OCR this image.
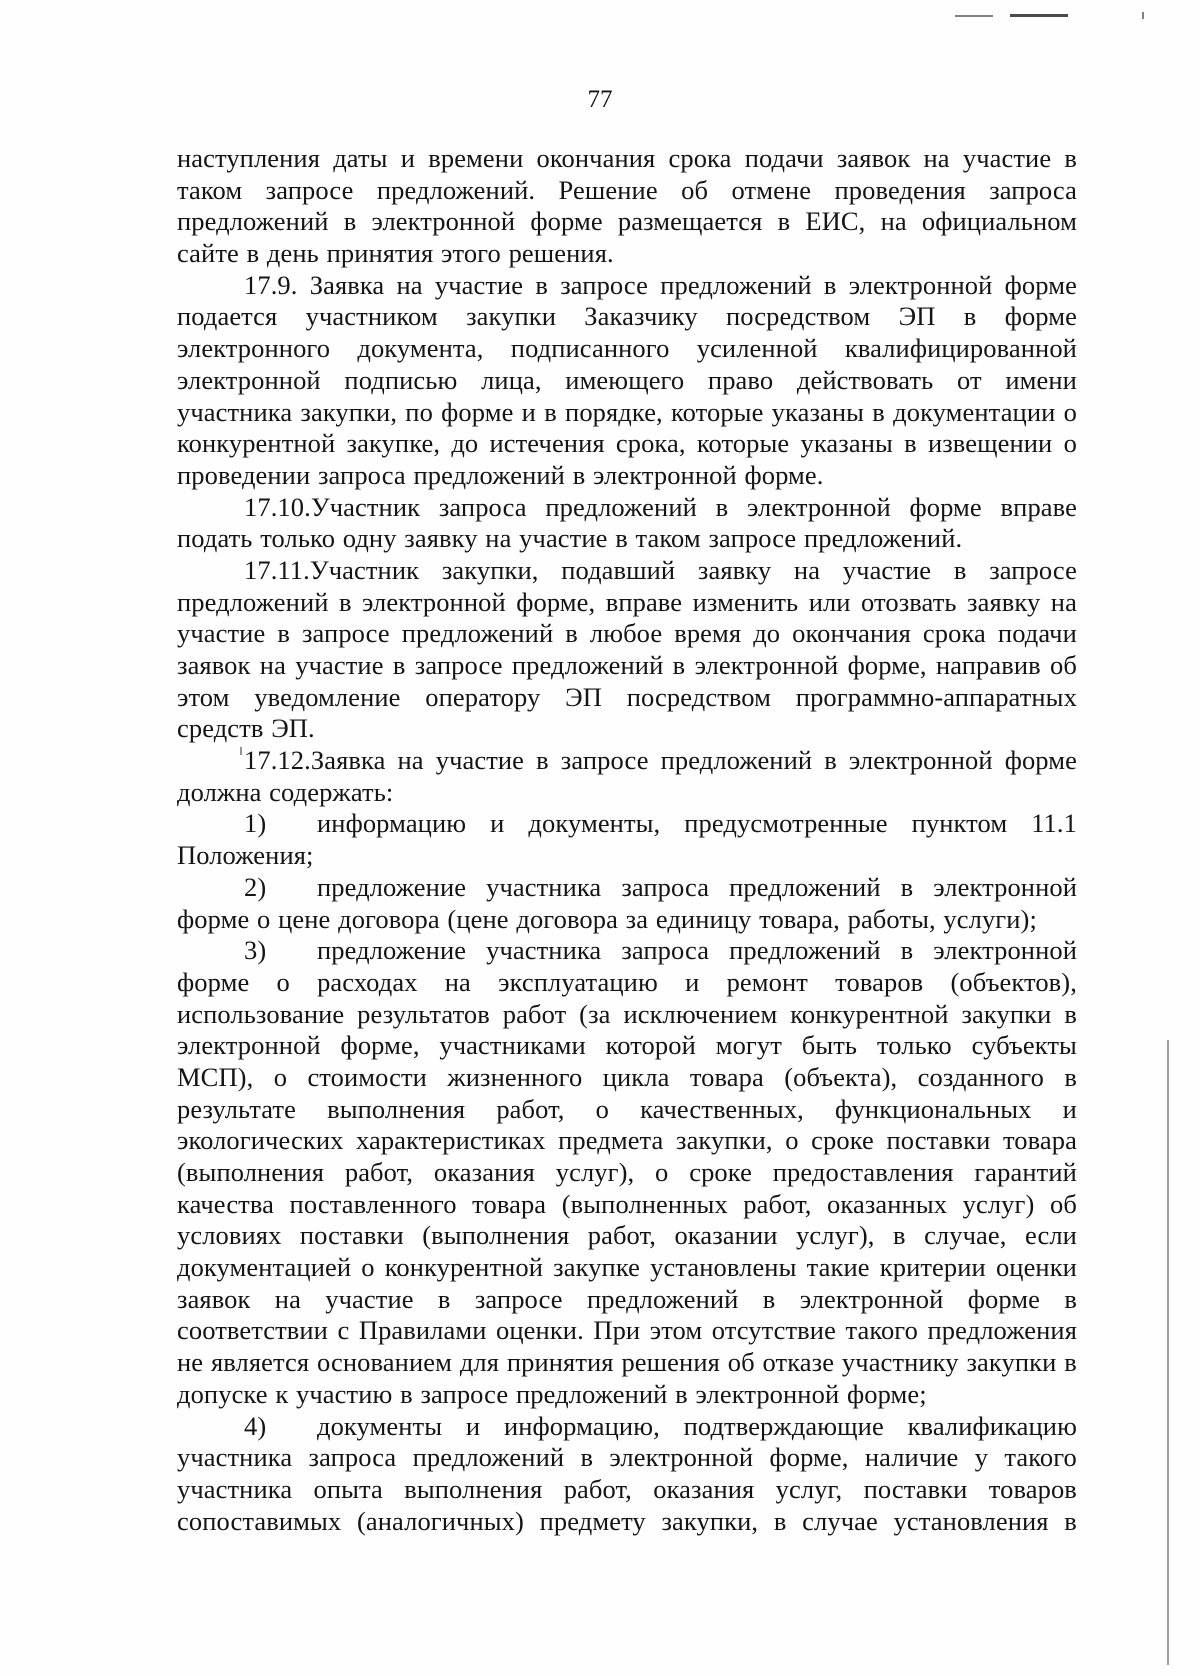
77
наступления даты и времени окончания срока подачи заявок на участие в
таком запросе предложений. Решение об отмене проведения запроса
предложений в электронной форме размещается в ЕИС, на официальном
сайте в день принятия этого решения.
17.9. Заявка на участие в запросе предложений в электронной форме
подается участником закупки Заказчику посредством ЭП в форме
электронного документа, подписанного усиленной квалифицированной
электронной подписью лица, имеющего право действовать от имени
участника закупки, по форме и в порядке, которые указаны в документации о
конкурентной закупке, до истечения срока, которые указаны в извещении о
проведении запроса предложений в электронной форме.
17.10.Участник запроса предложений в электронной форме вправе
подать только одну заявку на участие в таком запросе предложений.
17.11.Участник закупки, подавший заявку на участие в запросе
предложений в электронной форме, вправе изменить или отозвать заявку на
участие в запросе предложений в любое время до окончания срока подачи
заявок на участие в запросе предложений в электронной форме, направив об
этом уведомление оператору ЭП посредством программно-аппаратных
средств ЭП.
17.12.Заявка на участие в запросе предложений в электронной форме
должна содержать:
1)	информацию и документы, предусмотренные пунктом 11.1
Положения;
2)	предложение участника запроса предложений в электронной
форме о цене договора (цене договора за единицу товара, работы, услуги);
3)	предложение участника запроса предложений в электронной
форме о расходах на эксплуатацию и ремонт товаров (объектов),
использование результатов работ (за исключением конкурентной закупки в
электронной форме, участниками которой могут быть только субъекты
МСП), о стоимости жизненного цикла товара (объекта), созданного в
результате выполнения работ, о качественных, функциональных и
экологических характеристиках предмета закупки, о сроке поставки товара
(выполнения работ, оказания услуг), о сроке предоставления гарантий
качества поставленного товара (выполненных работ, оказанных услуг) об
условиях поставки (выполнения работ, оказании услуг), в случае, если
документацией о конкурентной закупке установлены такие критерии оценки
заявок на участие в запросе предложений в электронной форме в
соответствии с Правилами оценки. При этом отсутствие такого предложения
не является основанием для принятия решения об отказе участнику закупки в
допуске к участию в запросе предложений в электронной форме;
4)	документы и информацию, подтверждающие квалификацию
участника запроса предложений в электронной форме, наличие у такого
участника опыта выполнения работ, оказания услуг, поставки товаров
сопоставимых (аналогичных) предмету закупки, в случае установления в
